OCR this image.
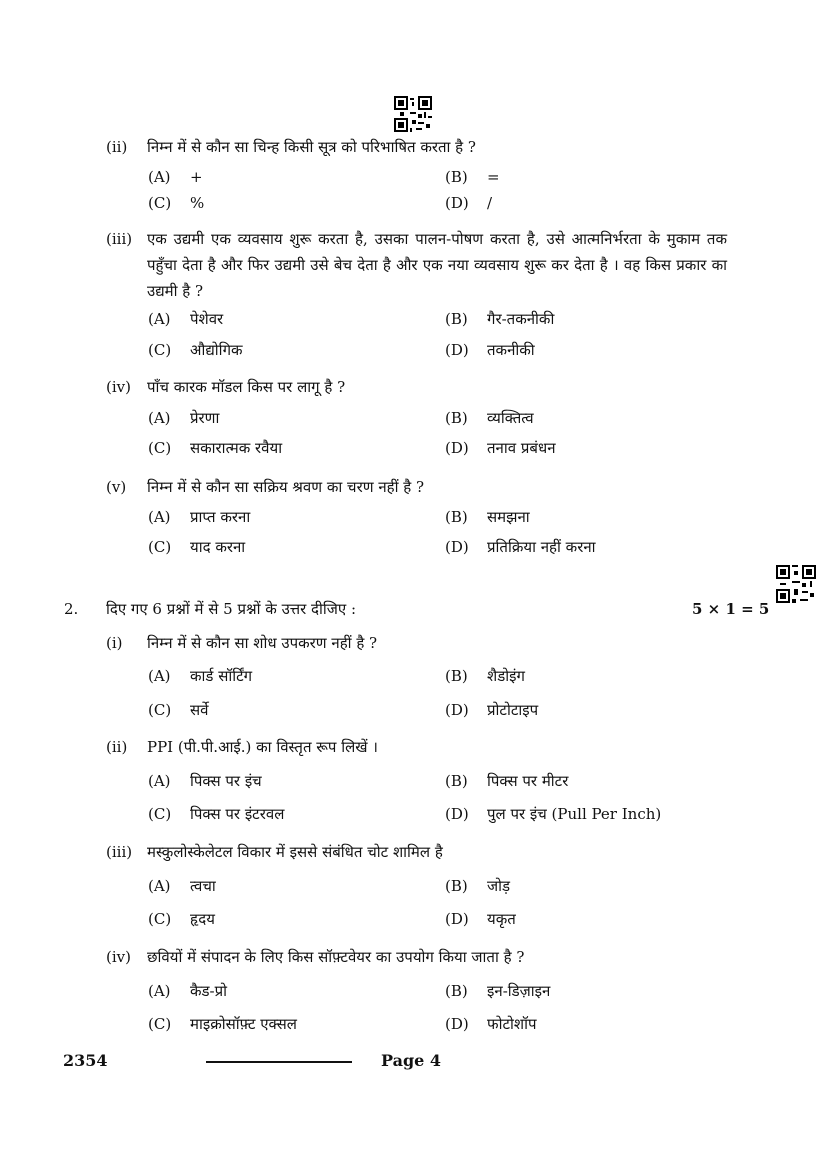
(ii) निम्न में से कौन सा चिन्ह किसी सूत्र को परिभाषित करता है ?
(A)	+	(B)	=
(C)	%	(D)	/
(iii) एक उद्यमी एक व्यवसाय शुरू करता है, उसका पालन-पोषण करता है, उसे आत्मनिर्भरता के मुकाम तक पहुँचा देता है और फिर उद्यमी उसे बेच देता है और एक नया व्यवसाय शुरू कर देता है । वह किस प्रकार का उद्यमी है ?
(A)	पेशेवर	(B)	गैर-तकनीकी
(C)	औद्योगिक	(D)	तकनीकी
(iv) पाँच कारक मॉडल किस पर लागू है ?
(A)	प्रेरणा	(B)	व्यक्तित्व
(C)	सकारात्मक रवैया	(D)	तनाव प्रबंधन
(v) निम्न में से कौन सा सक्रिय श्रवण का चरण नहीं है ?
(A)	प्राप्त करना	(B)	समझना
(C)	याद करना	(D)	प्रतिक्रिया नहीं करना
2. दिए गए 6 प्रश्नों में से 5 प्रश्नों के उत्तर दीजिए :	5 × 1 = 5
(i) निम्न में से कौन सा शोध उपकरण नहीं है ?
(A)	कार्ड सॉर्टिंग	(B)	शैडोइंग
(C)	सर्वे	(D)	प्रोटोटाइप
(ii) PPI (पी.पी.आई.) का विस्तृत रूप लिखें ।
(A)	पिक्स पर इंच	(B)	पिक्स पर मीटर
(C)	पिक्स पर इंटरवल	(D)	पुल पर इंच (Pull Per Inch)
(iii) मस्कुलोस्केलेटल विकार में इससे संबंधित चोट शामिल है
(A)	त्वचा	(B)	जोड़
(C)	हृदय	(D)	यकृत
(iv) छवियों में संपादन के लिए किस सॉफ़्टवेयर का उपयोग किया जाता है ?
(A)	कैड-प्रो	(B)	इन-डिज़ाइन
(C)	माइक्रोसॉफ़्ट एक्सल	(D)	फोटोशॉप
2354	Page 4
